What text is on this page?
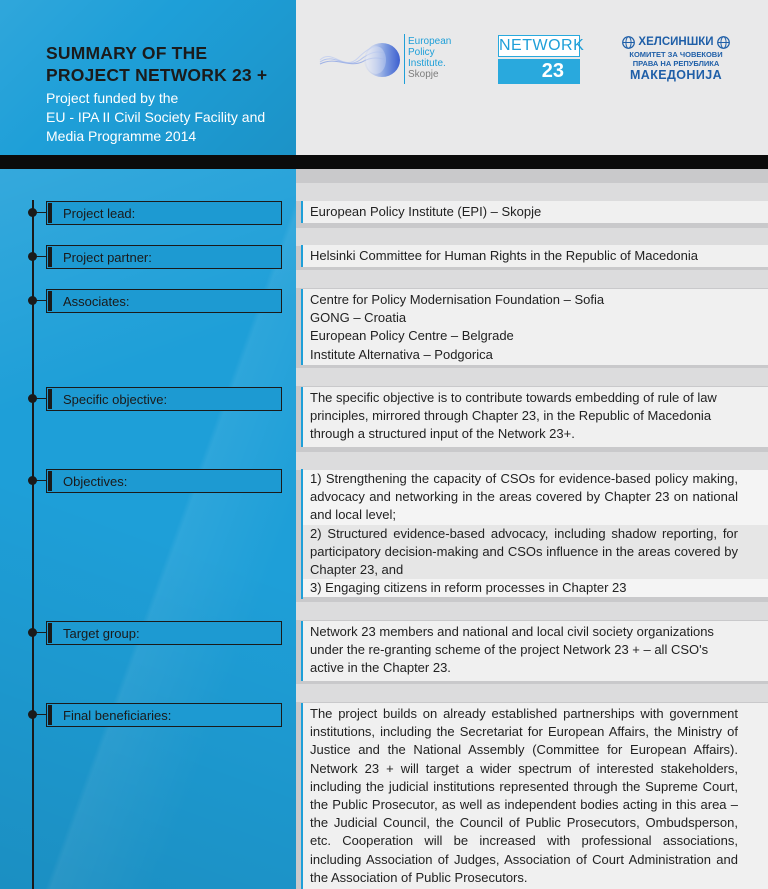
SUMMARY OF THE
PROJECT NETWORK 23 +

Project funded by the
EU - IPA II Civil Society Facility and
Media Programme 2014

European
Policy
Institute.
Skopje
NETWORK
23
ХЕЛСИНШКИ
КОМИТЕТ ЗА ЧОВЕКОВИ
ПРАВА НА РЕПУБЛИКА
МАКЕДОНИЈА
Project lead:	European Policy Institute (EPI) – Skopje

Project partner:	Helsinki Committee for Human Rights in the Republic of Macedonia

Associates:	Centre for Policy Modernisation Foundation – Sofia

GONG – Croatia

European Policy Centre – Belgrade

Institute Alternativa – Podgorica

Specific objective:	The specific objective is to contribute towards embedding of rule of law principles, mirrored through Chapter 23, in the Republic of Macedonia through a structured input of the Network 23+.

Objectives:	1) Strengthening the capacity of CSOs for evidence-based policy making, advocacy and networking in the areas covered by Chapter 23 on national and local level;

2) Structured evidence-based advocacy, including shadow reporting, for participatory decision-making and CSOs influence in the areas covered by Chapter 23, and

3) Engaging citizens in reform processes in Chapter 23

Target group:	Network 23 members and national and local civil society organizations under the re-granting scheme of the project Network 23 + – all CSO's active in the Chapter 23.

Final beneficiaries:	The project builds on already established partnerships with government institutions, including the Secretariat for European Affairs, the Ministry of Justice and the National Assembly (Committee for European Affairs). Network 23 + will target a wider spectrum of interested stakeholders, including the judicial institutions represented through the Supreme Court, the Public Prosecutor, as well as independent bodies acting in this area – the Judicial Council, the Council of Public Prosecutors, Ombudsperson, etc. Cooperation will be increased with professional associations, including Association of Judges, Association of Court Administration and the Association of Public Prosecutors.
